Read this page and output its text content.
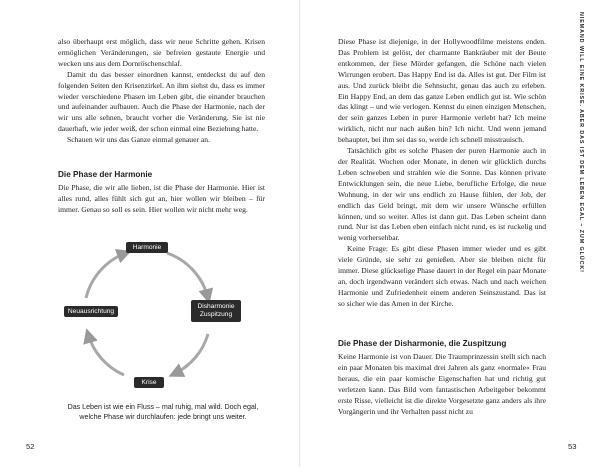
also überhaupt erst möglich, dass wir neue Schritte gehen. Krisen ermöglichen Veränderungen, sie befreien gestaute Energie und wecken uns aus dem Dornröschenschlaf.

Damit du das besser einordnen kannst, entdeckst du auf den folgenden Seiten den Krisenzirkel. An ihm siehst du, dass es immer wieder verschiedene Phasen im Leben gibt, die einander brauchen und aufeinander aufbauen. Auch die Phase der Harmonie, nach der wir uns alle sehnen, braucht vorher die Veränderung. Sie ist nie dauerhaft, wie jeder weiß, der schon einmal eine Beziehung hatte.

Schauen wir uns das Ganze einmal genauer an.

Die Phase der Harmonie

Die Phase, die wir alle lieben, ist die Phase der Harmonie. Hier ist alles rund, alles fühlt sich gut an, hier wollen wir bleiben – für immer. Genau so soll es sein. Hier wollen wir nicht mehr weg.

Harmonie
Disharmonie
Zuspitzung
Krise
Neuausrichtung
Das Leben ist wie ein Fluss – mal ruhig, mal wild. Doch egal, welche Phase wir durchlaufen: jede bringt uns weiter.
52

Diese Phase ist diejenige, in der Hollywoodfilme meistens enden. Das Problem ist gelöst, der charmante Bankräuber mit der Beute entkommen, der fiese Mörder gefangen, die Schöne nach vielen Wirrungen erobert. Das Happy End ist da. Alles ist gut. Der Film ist aus. Und zurück bleibt die Sehnsucht, genau das auch zu erleben. Ein Happy End, an dem das ganze Leben endlich gut ist. Wie schön das klingt – und wie verlogen. Kennst du einen einzigen Menschen, der sein ganzes Leben in purer Harmonie verlebt hat? Ich meine wirklich, nicht nur nach außen hin? Ich nicht. Und wenn jemand behauptet, bei ihm sei das so, werde ich schnell misstrauisch.

Tatsächlich gibt es solche Phasen der puren Harmonie auch in der Realität. Wochen oder Monate, in denen wir glücklich durchs Leben schweben und strahlen wie die Sonne. Das können private Entwicklungen sein, die neue Liebe, berufliche Erfolge, die neue Wohnung, in der wir uns endlich zu Hause fühlen, der Job, der endlich das Geld bringt, mit dem wir unsere Wünsche erfüllen können, und so weiter. Alles ist dann gut. Das Leben scheint dann rund. Nur ist das Leben eben einfach nicht rund, es ist ruckelig und wenig vorhersehbar.

Keine Frage: Es gibt diese Phasen immer wieder und es gibt viele Gründe, sie sehr zu genießen. Aber sie bleiben nicht für immer. Diese glückselige Phase dauert in der Regel ein paar Monate an, doch irgendwann verändert sich etwas. Nach und nach weichen Harmonie und Zufriedenheit einem anderen Seinszustand. Das ist so sicher wie das Amen in der Kirche.

Die Phase der Disharmonie, die Zuspitzung

Keine Harmonie ist von Dauer. Die Traumprinzessin stellt sich nach ein paar Monaten bis maximal drei Jahren als ganz »normale« Frau heraus, die ein paar komische Eigenschaften hat und richtig gut verletzen kann. Das Bild vom fantastischen Arbeitgeber bekommt erste Risse, vielleicht ist die direkte Vorgesetzte ganz anders als ihre Vorgängerin und ihr Verhalten passt nicht zu

NIEMAND WILL EINE KRISE. ABER DAS IST DEM LEBEN EGAL – ZUM GLÜCK!
53
